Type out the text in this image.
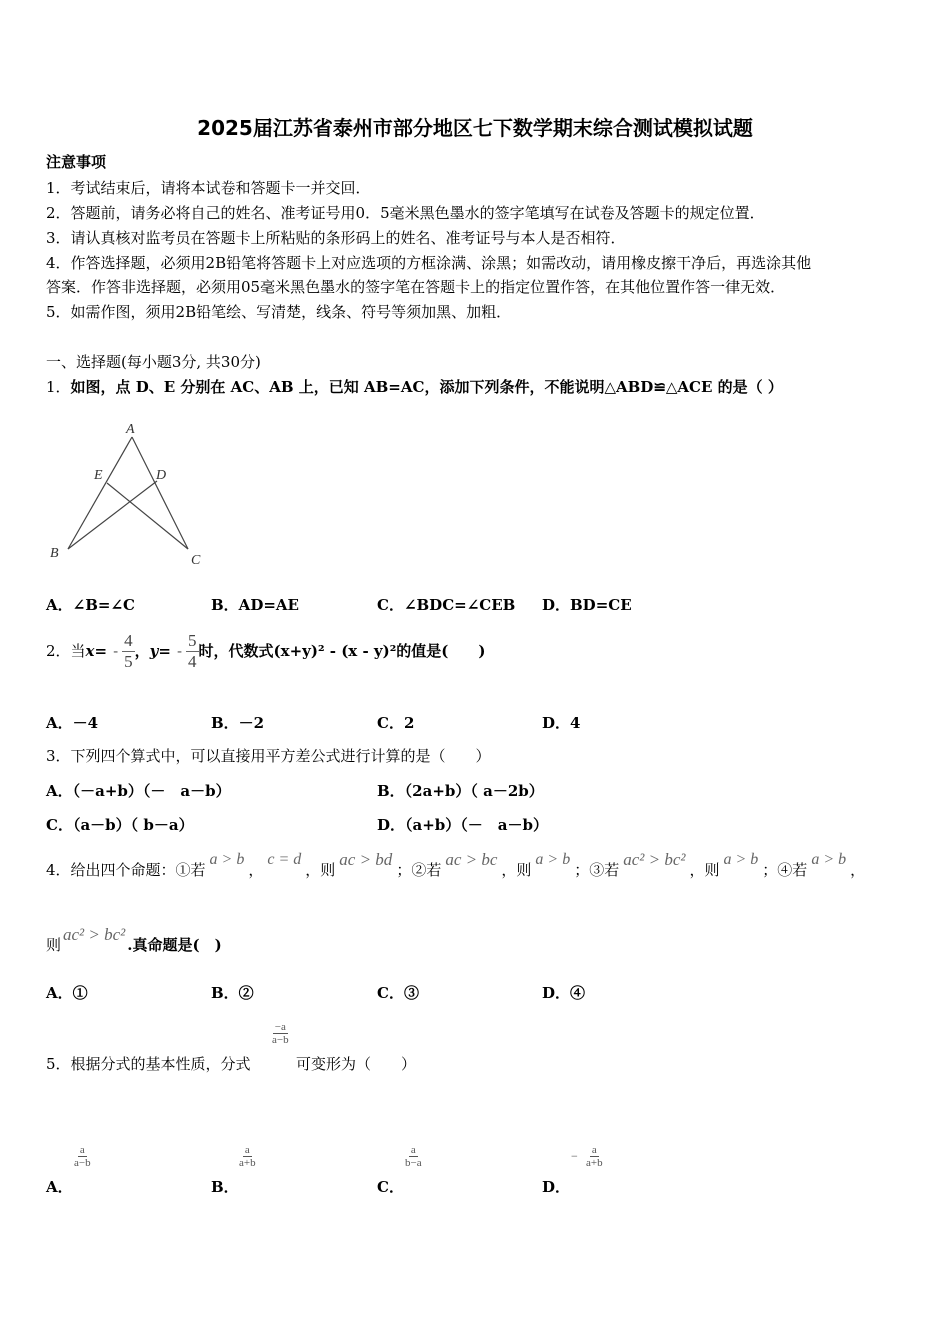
2025届江苏省泰州市部分地区七下数学期末综合测试模拟试题
注意事项
1．考试结束后，请将本试卷和答题卡一并交回．
2．答题前，请务必将自己的姓名、准考证号用0．5毫米黑色墨水的签字笔填写在试卷及答题卡的规定位置．
3．请认真核对监考员在答题卡上所粘贴的条形码上的姓名、准考证号与本人是否相符．
4．作答选择题，必须用2B铅笔将答题卡上对应选项的方框涂满、涂黑；如需改动，请用橡皮擦干净后，再选涂其他
答案．作答非选择题，必须用05毫米黑色墨水的签字笔在答题卡上的指定位置作答，在其他位置作答一律无效．
5．如需作图，须用2B铅笔绘、写清楚，线条、符号等须加黑、加粗．
一、选择题(每小题3分, 共30分)
1．如图，点 D、E 分别在 AC、AB 上，已知 AB=AC，添加下列条件，不能说明△ABD≌△ACE 的是（ ）
A
E	D
B	C
A．∠B=∠C	B．AD=AE	C．∠BDC=∠CEB D．BD=CE
2．当 $x= - \frac{4}{5}$ ， $y= - \frac{5}{4}$ 时，代数式(x+y)² - (x - y)²的值是(　　)
A．－4	B．－2	C．2	D．4
3．下列四个算式中，可以直接用平方差公式进行计算的是（　　）
A．（－a+b）（－　a－b）	B．（2a+b）（ a－2b）
C．（a－b）（ b－a）	D．（a+b）（－　a－b）
4．给出四个命题：①若
a > b
，
c = d
，则
ac > bd
；②若
ac > bc
，则
a > b
；③若
ac² > bc²
，则
a > b
；④若
a > b
，
则
ac² > bc²
.真命题是(　)
A．①	B．②	C．③	D．④
5．根据分式的基本性质，分式
$\frac{-a}{a-b}$
可变形为（　　）
A．
$\frac{a}{a-b}$
B．
$\frac{a}{a+b}$
C．
$\frac{a}{b-a}$
D．
− $\frac{a}{a+b}$
